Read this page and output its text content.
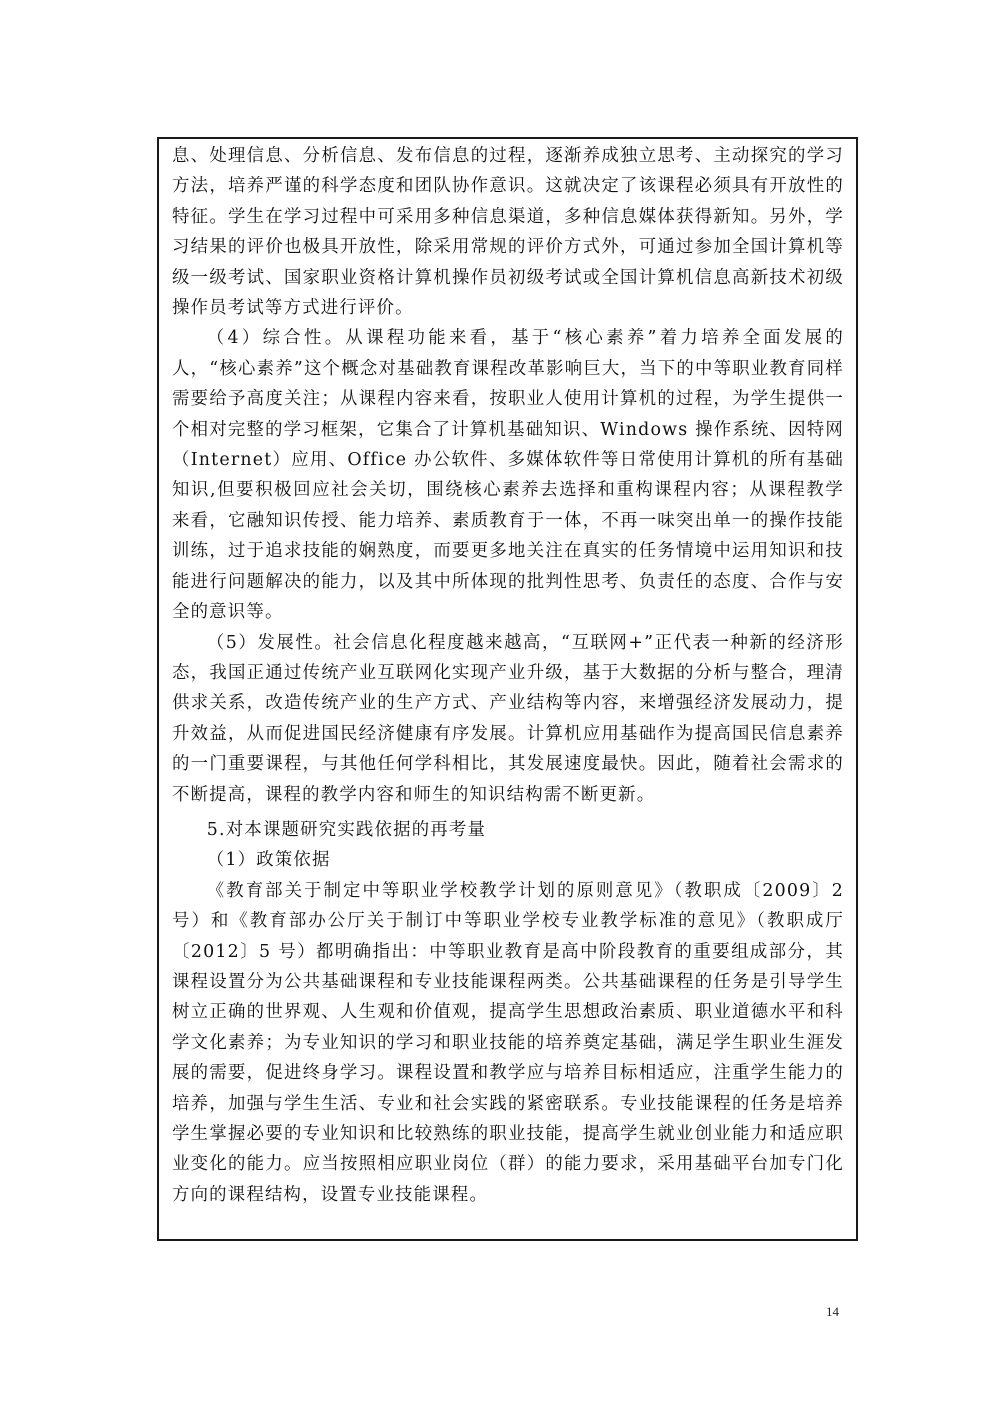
息、处理信息、分析信息、发布信息的过程，逐渐养成独立思考、主动探究的学习方法，培养严谨的科学态度和团队协作意识。这就决定了该课程必须具有开放性的特征。学生在学习过程中可采用多种信息渠道，多种信息媒体获得新知。另外，学习结果的评价也极具开放性，除采用常规的评价方式外，可通过参加全国计算机等级一级考试、国家职业资格计算机操作员初级考试或全国计算机信息高新技术初级操作员考试等方式进行评价。

（4）综合性。从课程功能来看，基于“核心素养”着力培养全面发展的人，“核心素养”这个概念对基础教育课程改革影响巨大，当下的中等职业教育同样需要给予高度关注；从课程内容来看，按职业人使用计算机的过程，为学生提供一个相对完整的学习框架，它集合了计算机基础知识、Windows 操作系统、因特网（Internet）应用、Office 办公软件、多媒体软件等日常使用计算机的所有基础知识,但要积极回应社会关切，围绕核心素养去选择和重构课程内容；从课程教学来看，它融知识传授、能力培养、素质教育于一体，不再一味突出单一的操作技能训练，过于追求技能的娴熟度，而要更多地关注在真实的任务情境中运用知识和技能进行问题解决的能力，以及其中所体现的批判性思考、负责任的态度、合作与安全的意识等。

（5）发展性。社会信息化程度越来越高，“互联网+”正代表一种新的经济形态，我国正通过传统产业互联网化实现产业升级，基于大数据的分析与整合，理清供求关系，改造传统产业的生产方式、产业结构等内容，来增强经济发展动力，提升效益，从而促进国民经济健康有序发展。计算机应用基础作为提高国民信息素养的一门重要课程，与其他任何学科相比，其发展速度最快。因此，随着社会需求的不断提高，课程的教学内容和师生的知识结构需不断更新。

5.对本课题研究实践依据的再考量

（1）政策依据

《教育部关于制定中等职业学校教学计划的原则意见》（教职成〔2009〕2号）和《教育部办公厅关于制订中等职业学校专业教学标准的意见》（教职成厅〔2012〕5 号）都明确指出：中等职业教育是高中阶段教育的重要组成部分，其课程设置分为公共基础课程和专业技能课程两类。公共基础课程的任务是引导学生树立正确的世界观、人生观和价值观，提高学生思想政治素质、职业道德水平和科学文化素养；为专业知识的学习和职业技能的培养奠定基础，满足学生职业生涯发展的需要，促进终身学习。课程设置和教学应与培养目标相适应，注重学生能力的培养，加强与学生生活、专业和社会实践的紧密联系。专业技能课程的任务是培养学生掌握必要的专业知识和比较熟练的职业技能，提高学生就业创业能力和适应职业变化的能力。应当按照相应职业岗位（群）的能力要求，采用基础平台加专门化方向的课程结构，设置专业技能课程。

14
